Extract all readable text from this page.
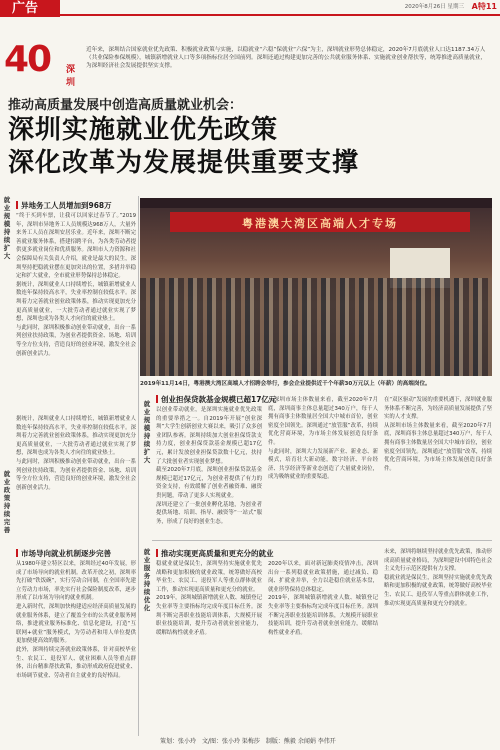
广告	2020年8月26日 星期三 A特11
40 深圳
近年来，深圳结合国家就业优先政策、积极就业政策与实施，以稳就业“六稳”保就业“六保”为主，深圳就业形势总体稳定，2020年7月底就业人口达1187.34万人（共业保险参保规模），城镇新增就业人口等多项指标位居全国前列。深圳还通过构建更加完善的公共就业服务体系、实施就业创业帮扶等，统筹推进高质量就业，为深圳经济社会发展提供坚实支撑。
推动高质量发展中创造高质量就业机会：
深圳实施就业优先政策
深化改革为发展提供重要支撑
就业规模持续扩大
就业政策持续完善
就业规模持续扩大
就业服务持续优化
异地务工人员增加到968万

“终于买到车票，让我可以回家过春节了。”2019年，深圳市异地务工人员规模达968万人，大量外来务工人员在深圳安居乐业。近年来，深圳不断完善就业服务体系，搭建招聘平台，为各类劳动者提供更多就业岗位和优质服务。深圳市人力资源和社会保障局有关负责人介绍，就业是最大的民生，深圳坚持把稳就业摆在更加突出的位置，多措并举稳定和扩大就业，全市就业形势保持总体稳定。

据统计，深圳就业人口持续增长，城镇新增就业人数连年保持较高水平，失业率控制在较低水平。深圳着力完善就业创业政策体系，推动实现更加充分更高质量就业，一大批劳动者通过就业实现了梦想，深圳也成为各类人才向往的就业热土。

与此同时，深圳积极推动创业带动就业，出台一系列创业扶持政策，为创业者提供资金、场地、培训等全方位支持，营造良好的创业环境，激发全社会创新创业活力。

市场导向就业机制逐步完善

从1980年建立特区以来，深圳经过40年发展，形成了市场导向的就业机制。改革开放之初，深圳率先打破“铁饭碗”，实行劳动合同制，在全国率先建立劳动力市场，率先实行社会保险制度改革，逐步形成了以市场为导向的就业机制。

进入新时代，深圳加快构建适应经济高质量发展的就业服务体系，建立了覆盖全市的公共就业服务网络，推进就业服务标准化、信息化建设，打造“互联网+就业”服务模式，为劳动者和用人单位提供更加便捷高效的服务。

此外，深圳持续完善就业政策体系，针对高校毕业生、农民工、退役军人、就业困难人员等重点群体，出台精准帮扶政策，推动形成政府促进就业、市场调节就业、劳动者自主就业的良好格局。

据统计，深圳就业人口持续增长，城镇新增就业人数连年保持较高水平，失业率控制在较低水平。深圳着力完善就业创业政策体系，推动实现更加充分更高质量就业，一大批劳动者通过就业实现了梦想，深圳也成为各类人才向往的就业热土。

与此同时，深圳积极推动创业带动就业，出台一系列创业扶持政策，为创业者提供资金、场地、培训等全方位支持，营造良好的创业环境，激发全社会创新创业活力。

粤港澳大湾区高端人才专场
2019年11月14日，粤港澳大湾区高端人才招聘会举行，参会企业提供近千个年薪30万元以上（年薪）的高端岗位。
创业担保贷款基金规模已超17亿元

以创业带动就业，是深圳实施就业优先政策的重要举措之一。自2019年开展“创业深圳”大学生创新创业大赛以来，吸引了众多创业团队参赛。深圳持续加大创业担保贷款支持力度，创业担保贷款基金规模已超17亿元，累计发放创业担保贷款数十亿元，扶持了大批创业者实现创业梦想。

截至2020年7月底，深圳创业担保贷款基金规模已超过17亿元，为创业者提供了有力的资金支持，有效缓解了创业者融资难、融资贵问题，带动了更多人实现就业。

深圳还建立了一批创业孵化基地，为创业者提供场地、培训、指导、融资等“一站式”服务，形成了良好的创业生态。

从深圳市场主体数量来看，截至2020年7月底，深圳商事主体总量超过340万户，每千人拥有商事主体数量居全国大中城市首位，创业密度全国领先。深圳通过“放管服”改革，持续优化营商环境，为市场主体发展创造良好条件。

与此同时，深圳大力发展新产业、新业态、新模式，培育壮大新动能，数字经济、平台经济、共享经济等新业态创造了大量就业岗位，成为吸纳就业的重要渠道。

在“双区驱动”发展的重要机遇下，深圳就业服务体系不断完善，为经济高质量发展提供了坚实的人才支撑。

从深圳市场主体数量来看，截至2020年7月底，深圳商事主体总量超过340万户，每千人拥有商事主体数量居全国大中城市首位，创业密度全国领先。深圳通过“放管服”改革，持续优化营商环境，为市场主体发展创造良好条件。

推动实现更高质量和更充分的就业

稳就业就是保民生，深圳坚持实施就业优先战略和更加积极的就业政策，统筹做好高校毕业生、农民工、退役军人等重点群体就业工作，推动实现更高质量和更充分的就业。

2019年，深圳城镇新增就业人数、城镇登记失业率等主要指标均完成年度目标任务。深圳不断完善职业技能培训体系，大规模开展职业技能培训，提升劳动者就业创业能力，缓解结构性就业矛盾。

2020年以来，面对新冠肺炎疫情冲击，深圳出台一系列稳就业政策措施，通过减负、稳岗、扩就业并举，全力以赴稳住就业基本盘，就业形势保持总体稳定。

2019年，深圳城镇新增就业人数、城镇登记失业率等主要指标均完成年度目标任务。深圳不断完善职业技能培训体系，大规模开展职业技能培训，提升劳动者就业创业能力，缓解结构性就业矛盾。

未来，深圳将继续坚持就业优先政策，推动形成高质量就业格局，为深圳建设中国特色社会主义先行示范区提供有力支撑。

稳就业就是保民生，深圳坚持实施就业优先战略和更加积极的就业政策，统筹做好高校毕业生、农民工、退役军人等重点群体就业工作，推动实现更高质量和更充分的就业。

策划：张小玲　文/图：张小玲 渠梅莎　制版：熊毅 余闻娟 李伟开
